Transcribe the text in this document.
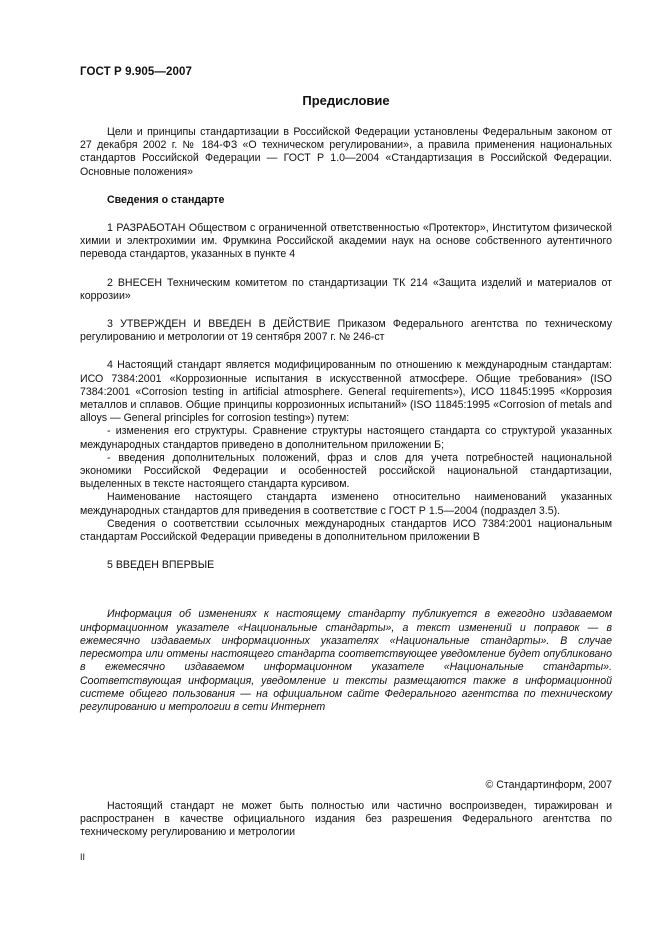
ГОСТ Р 9.905—2007
Предисловие

Цели и принципы стандартизации в Российской Федерации установлены Федеральным законом от 27 декабря 2002 г. № 184-ФЗ «О техническом регулировании», а правила применения национальных стандартов Российской Федерации — ГОСТ Р 1.0—2004 «Стандартизация в Российской Федерации. Основные положения»

Сведения о стандарте

1 РАЗРАБОТАН Обществом с ограниченной ответственностью «Протектор», Институтом физической химии и электрохимии им. Фрумкина Российской академии наук на основе собственного аутентичного перевода стандартов, указанных в пункте 4

2 ВНЕСЕН Техническим комитетом по стандартизации ТК 214 «Защита изделий и материалов от коррозии»

3 УТВЕРЖДЕН И ВВЕДЕН В ДЕЙСТВИЕ Приказом Федерального агентства по техническому регулированию и метрологии от 19 сентября 2007 г. № 246-ст

4 Настоящий стандарт является модифицированным по отношению к международным стандартам: ИСО 7384:2001 «Коррозионные испытания в искусственной атмосфере. Общие требования» (ISO 7384:2001 «Corrosion testing in artificial atmosphere. General requirements»), ИСО 11845:1995 «Коррозия металлов и сплавов. Общие принципы коррозионных испытаний» (ISO 11845:1995 «Corrosion of metals and alloys — General principles for corrosion testing») путем:

- изменения его структуры. Сравнение структуры настоящего стандарта со структурой указанных международных стандартов приведено в дополнительном приложении Б;

- введения дополнительных положений, фраз и слов для учета потребностей национальной экономики Российской Федерации и особенностей российской национальной стандартизации, выделенных в тексте настоящего стандарта курсивом.

Наименование настоящего стандарта изменено относительно наименований указанных международных стандартов для приведения в соответствие с ГОСТ Р 1.5—2004 (подраздел 3.5).

Сведения о соответствии ссылочных международных стандартов ИСО 7384:2001 национальным стандартам Российской Федерации приведены в дополнительном приложении В

5 ВВЕДЕН ВПЕРВЫЕ

Информация об изменениях к настоящему стандарту публикуется в ежегодно издаваемом информационном указателе «Национальные стандарты», а текст изменений и поправок — в ежемесячно издаваемых информационных указателях «Национальные стандарты». В случае пересмотра или отмены настоящего стандарта соответствующее уведомление будет опубликовано в ежемесячно издаваемом информационном указателе «Национальные стандарты». Соответствующая информация, уведомление и тексты размещаются также в информационной системе общего пользования — на официальном сайте Федерального агентства по техническому регулированию и метрологии в сети Интернет

© Стандартинформ, 2007

Настоящий стандарт не может быть полностью или частично воспроизведен, тиражирован и распространен в качестве официального издания без разрешения Федерального агентства по техническому регулированию и метрологии

II
